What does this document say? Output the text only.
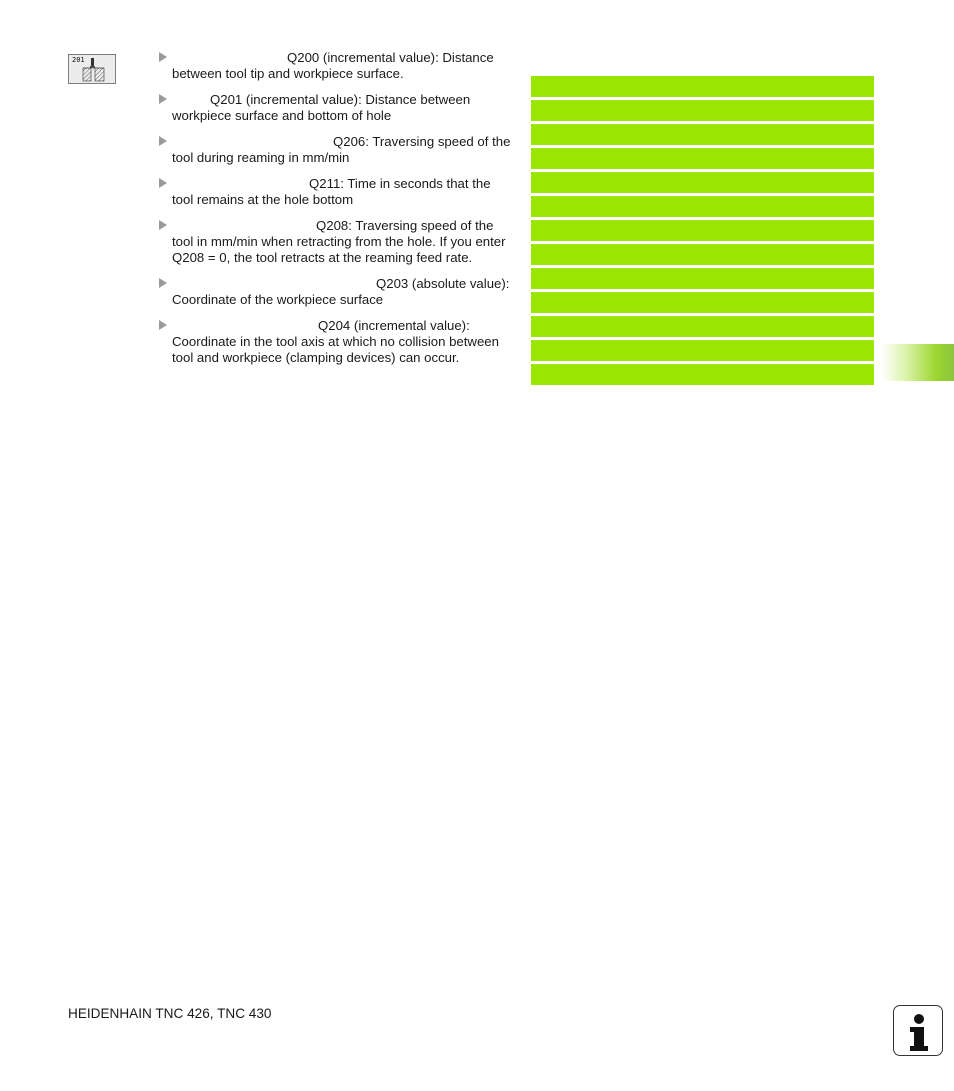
201	Q200 (incremental value): Distance between tool tip and workpiece surface.
Q201 (incremental value): Distance between workpiece surface and bottom of hole
Q206: Traversing speed of the tool during reaming in mm/min
Q211: Time in seconds that the tool remains at the hole bottom
Q208: Traversing speed of the tool in mm/min when retracting from the hole. If you enter Q208 = 0, the tool retracts at the reaming feed rate.
Q203 (absolute value): Coordinate of the workpiece surface
Q204 (incremental value): Coordinate in the tool axis at which no collision between tool and workpiece (clamping devices) can occur.
HEIDENHAIN TNC 426, TNC 430
